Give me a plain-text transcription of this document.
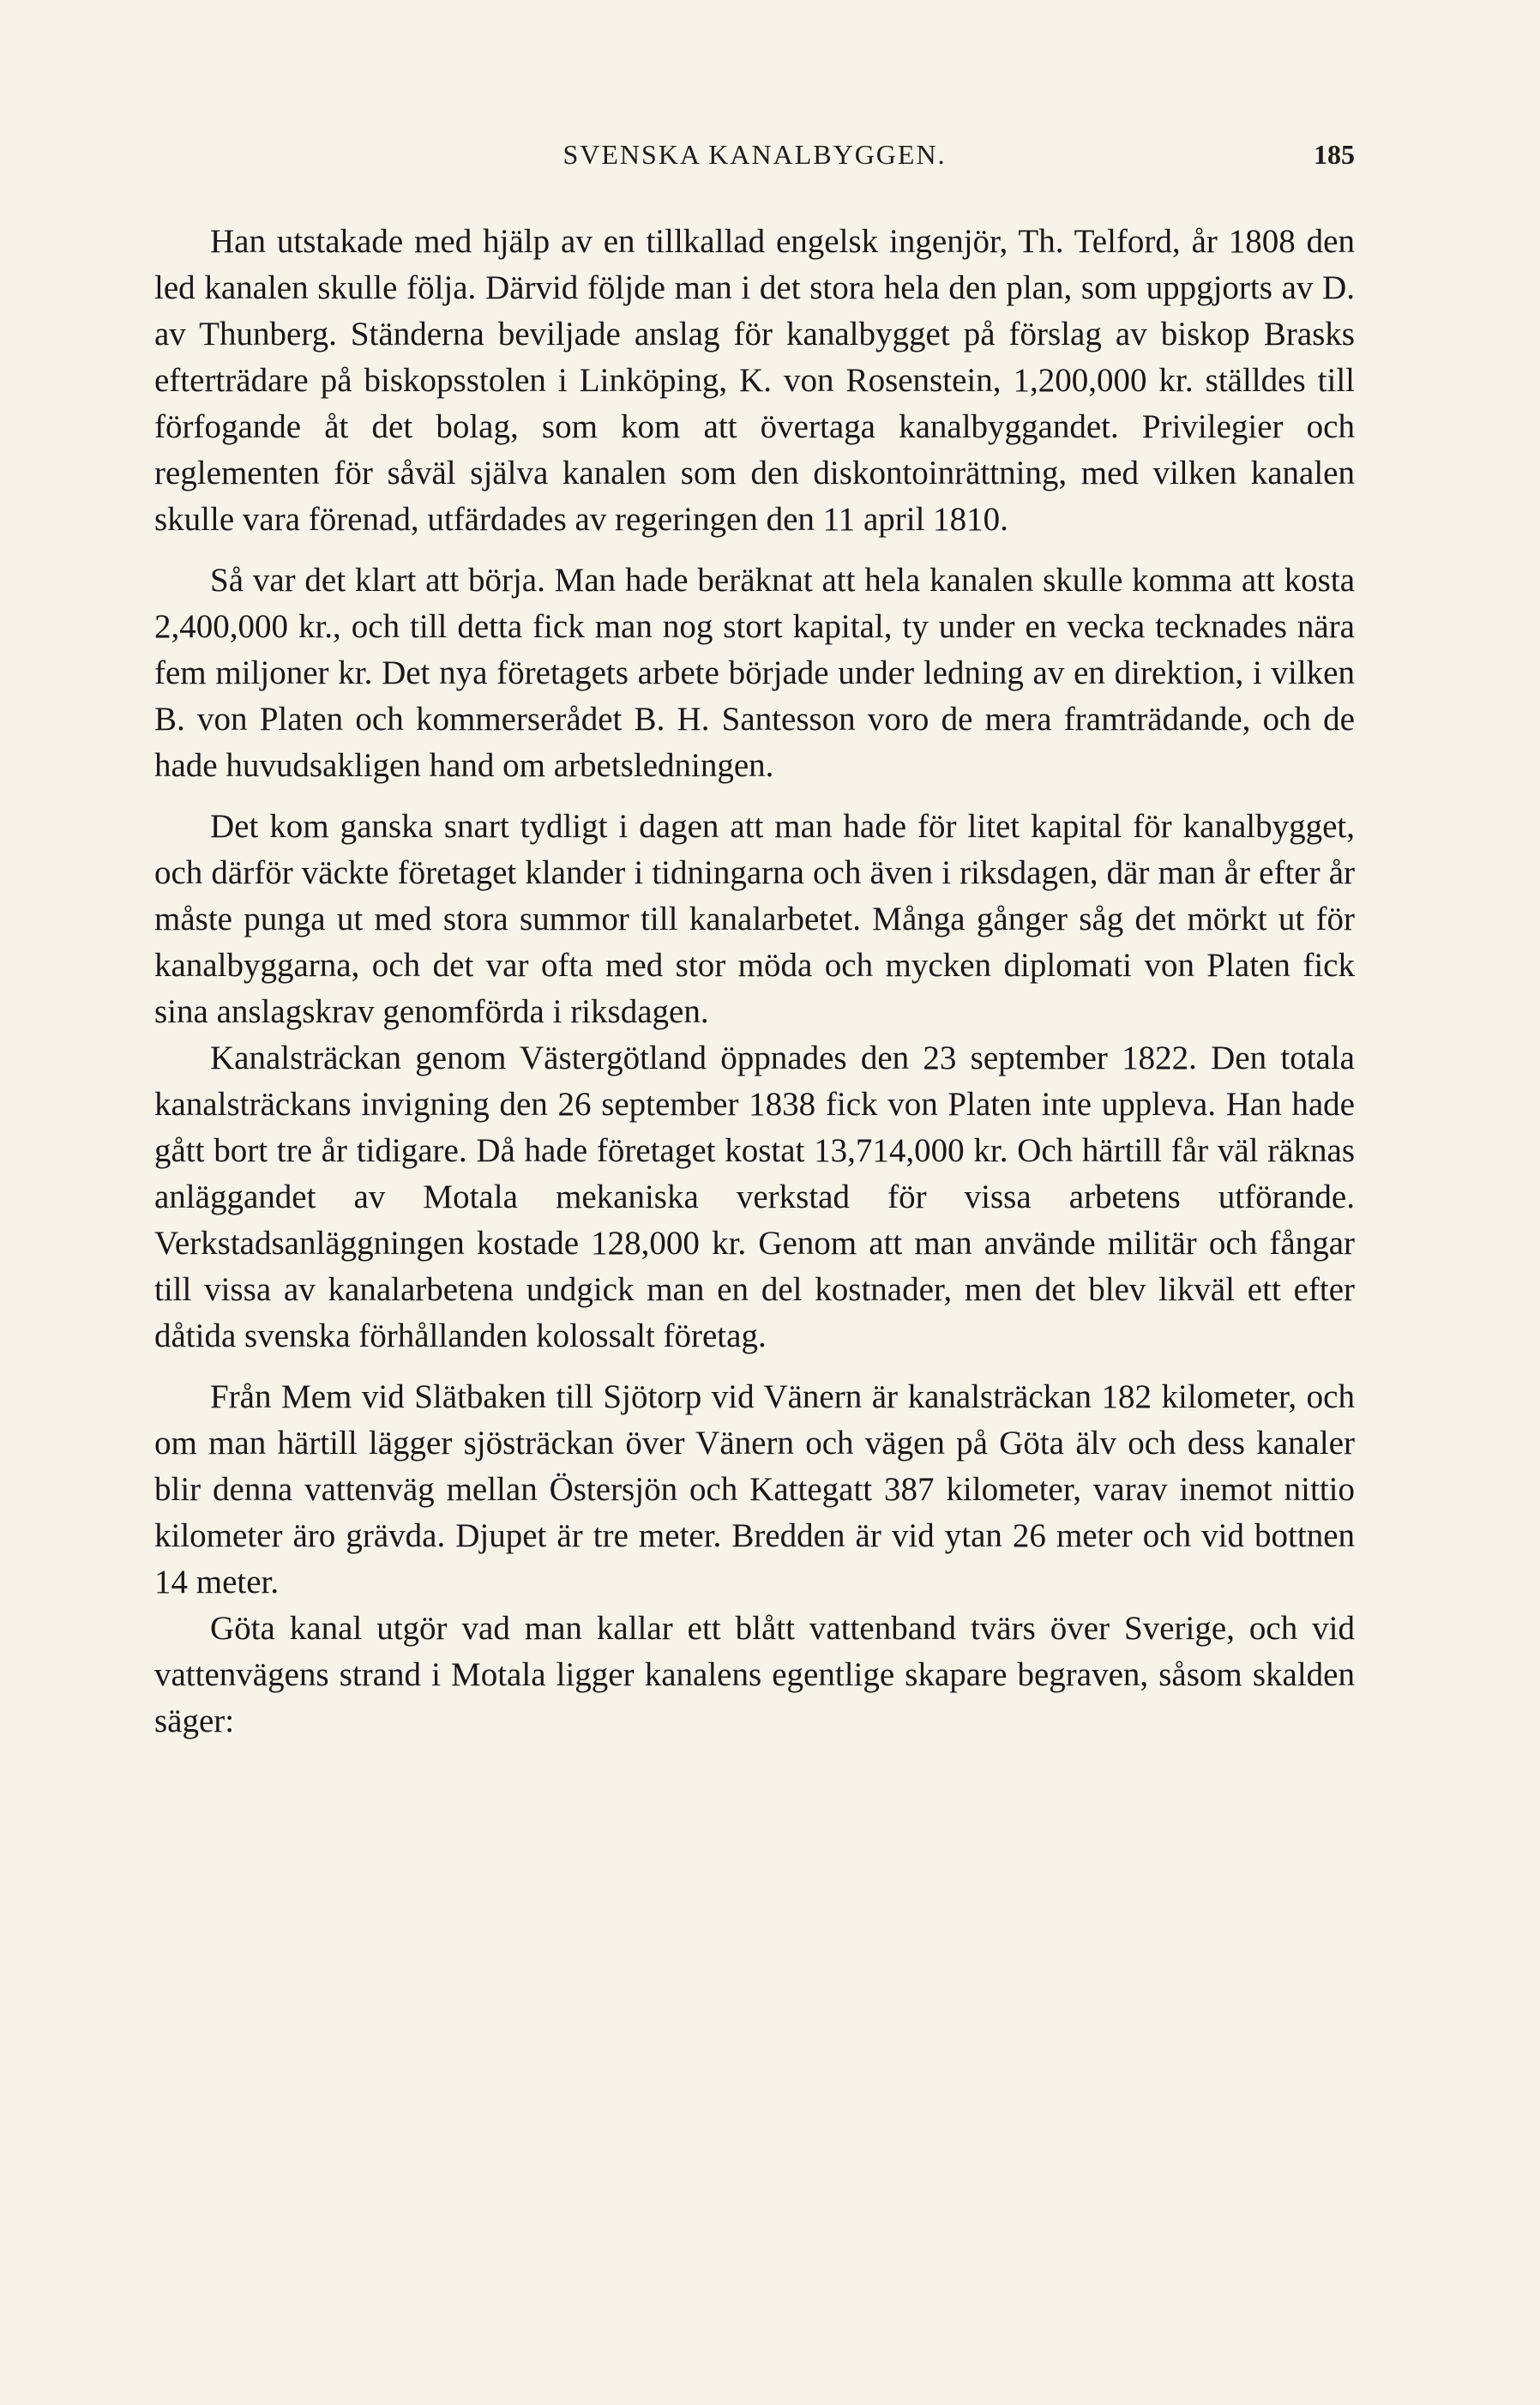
SVENSKA KANALBYGGEN.	185

Han utstakade med hjälp av en tillkallad engelsk ingenjör, Th. Telford, år 1808 den led kanalen skulle följa. Därvid följde man i det stora hela den plan, som uppgjorts av D. av Thunberg. Ständerna beviljade anslag för kanalbygget på förslag av biskop Brasks efterträdare på biskopsstolen i Linköping, K. von Rosenstein, 1,200,000 kr. ställdes till förfogande åt det bolag, som kom att övertaga kanalbyggandet. Privilegier och reglementen för såväl själva kanalen som den diskontoinrättning, med vilken kanalen skulle vara förenad, utfärdades av regeringen den 11 april 1810.

Så var det klart att börja. Man hade beräknat att hela kanalen skulle komma att kosta 2,400,000 kr., och till detta fick man nog stort kapital, ty under en vecka tecknades nära fem miljoner kr. Det nya företagets arbete började under ledning av en direktion, i vilken B. von Platen och kommerserådet B. H. Santesson voro de mera framträdande, och de hade huvudsakligen hand om arbetsledningen.

Det kom ganska snart tydligt i dagen att man hade för litet kapital för kanalbygget, och därför väckte företaget klander i tidningarna och även i riksdagen, där man år efter år måste punga ut med stora summor till kanalarbetet. Många gånger såg det mörkt ut för kanalbyggarna, och det var ofta med stor möda och mycken diplomati von Platen fick sina anslagskrav genomförda i riksdagen.

Kanalsträckan genom Västergötland öppnades den 23 september 1822. Den totala kanalsträckans invigning den 26 september 1838 fick von Platen inte uppleva. Han hade gått bort tre år tidigare. Då hade företaget kostat 13,714,000 kr. Och härtill får väl räknas anläggandet av Motala mekaniska verkstad för vissa arbetens utförande. Verkstadsanläggningen kostade 128,000 kr. Genom att man använde militär och fångar till vissa av kanalarbetena undgick man en del kostnader, men det blev likväl ett efter dåtida svenska förhållanden kolossalt företag.

Från Mem vid Slätbaken till Sjötorp vid Vänern är kanalsträckan 182 kilometer, och om man härtill lägger sjösträckan över Vänern och vägen på Göta älv och dess kanaler blir denna vattenväg mellan Östersjön och Kattegatt 387 kilometer, varav inemot nittio kilometer äro grävda. Djupet är tre meter. Bredden är vid ytan 26 meter och vid bottnen 14 meter.

Göta kanal utgör vad man kallar ett blått vattenband tvärs över Sverige, och vid vattenvägens strand i Motala ligger kanalens egentlige skapare begraven, såsom skalden säger:
